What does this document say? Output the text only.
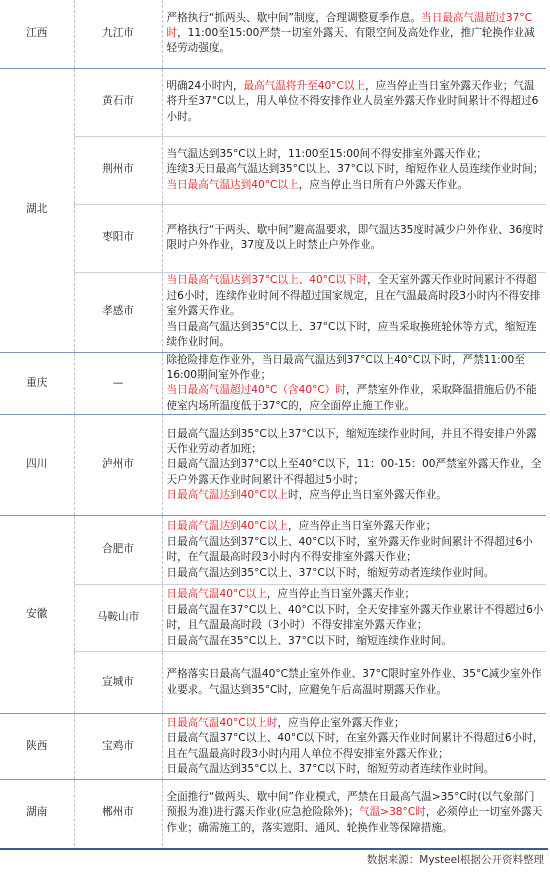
江西	九江市	严格执行“抓两头、歇中间”制度，合理调整夏季作息。当日最高气温超过37°C时，11:00至15:00严禁一切室外露天、有限空间及高处作业，推广轮换作业减轻劳动强度。

湖北	黄石市	明确24小时内，最高气温将升至40°C以上，应当停止当日室外露天作业；气温将升至37°C以上，用人单位不得安排作业人员室外露天作业时间累计不得超过6小时。

	荆州市	当气温达到35°C以上时，11:00至15:00间不得安排室外露天作业；
连续3天日最高气温达到35°C以上、37°C以下时，缩短作业人员连续作业时间；
当日最高气温达到40°C以上，应当停止当日所有户外露天作业。

	枣阳市	严格执行“干两头、歇中间”避高温要求，即气温达35度时减少户外作业、36度时限时户外作业，37度及以上时禁止户外作业。

	孝感市	当日最高气温达到37°C以上、40°C以下时，全天室外露天作业时间累计不得超过6小时，连续作业时间不得超过国家规定，且在气温最高时段3小时内不得安排室外露天作业。
当日最高气温达到35°C以上、37°C以下时，应当采取换班轮休等方式，缩短连续作业时间。

重庆	—	除抢险排危作业外，当日最高气温达到37°C以上40°C以下时，严禁11:00至16:00期间室外作业；
当日最高气温超过40°C（含40°C）时，严禁室外作业，采取降温措施后仍不能使室内场所温度低于37°C的，应全面停止施工作业。

四川	泸州市	日最高气温达到35°C以上37°C以下，缩短连续作业时间，并且不得安排户外露天作业劳动者加班；
日最高气温达到37°C以上至40°C以下，11：00-15：00严禁室外露天作业，全天户外露天作业时间累计不得超过5小时；
日最高气温达到40°C以上时，应当停止当日室外露天作业。

安徽	合肥市	日最高气温达到40°C以上，应当停止当日室外露天作业；
日最高气温达到37°C以上、40°C以下时，室外露天作业时间累计不得超过6小时，在气温最高时段3小时内不得安排室外露天作业；
日最高气温达到35°C以上、37°C以下时，缩短劳动者连续作业时间。

	马鞍山市	日最高气温40°C以上，应当停止当日室外露天作业；
日最高气温在37°C以上、40°C以下时，全天安排室外露天作业累计不得超过6小时，且气温最高时段（3小时）不得安排室外露天作业；
日最高气温在35°C以上、37°C以下时，缩短连续作业时间。

	宣城市	严格落实日最高气温40°C禁止室外作业、37°C限时室外作业、35°C减少室外作业要求。气温达到35°C时，应避免午后高温时期露天作业。

陕西	宝鸡市	日最高气温40°C以上时，应当停止室外露天作业；
日最高气温37°C以上、40°C以下时，在室外露天作业时间累计不得超过6小时，且在气温最高时段3小时内用人单位不得安排室外露天作业；
日最高气温达到35°C以上、37°C以下时，缩短劳动者连续作业时间。

湖南	郴州市	全面推行“做两头、歇中间”作业模式，严禁在日最高气温>35°C时(以气象部门预报为准)进行露天作业(应急抢险除外)；气温>38°C时，必须停止一切室外露天作业；确需施工的，落实遮阳、通风、轮换作业等保障措施。
数据来源：Mysteel根据公开资料整理
